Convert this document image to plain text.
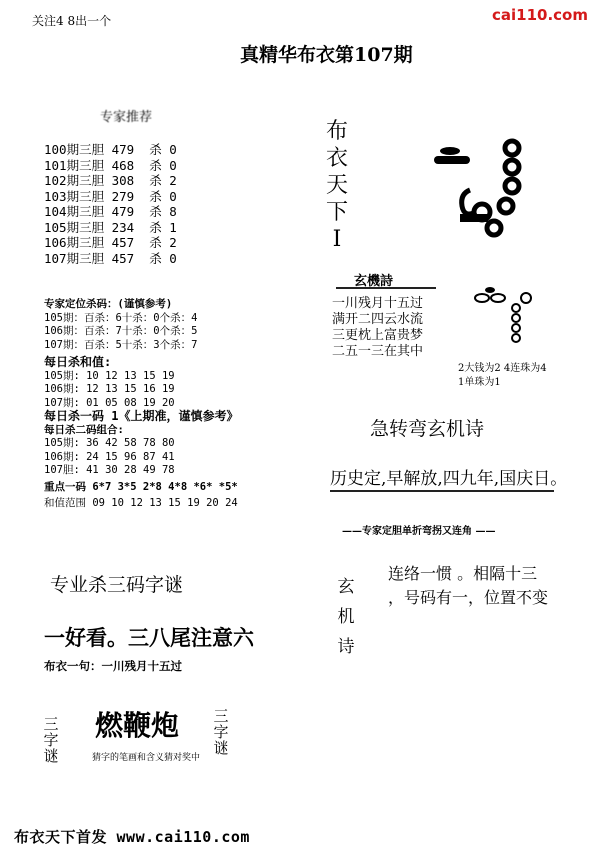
关注4 8出一个	cai110.com
真精华布衣第107期
专家推荐
100期三胆 479  杀 0
101期三胆 468  杀 0
102期三胆 308  杀 2
103期三胆 279  杀 0
104期三胆 479  杀 8
105期三胆 234  杀 1
106期三胆 457  杀 2
107期三胆 457  杀 0
专家定位杀码：(谨慎参考)
105期：百杀：6十杀：0个杀：4
106期：百杀：7十杀：0个杀：5
107期：百杀：5十杀：3个杀：7
每日杀和值:
105期: 10 12 13 15 19
106期: 12 13 15 16 19
107期: 01 05 08 19 20
每日杀一码 1《上期准，谨慎参考》
每日杀二码组合:
105期: 36 42 58 78 80
106期: 24 15 96 87 41
107胆: 41 30 28 49 78
重点一码 6*7 3*5 2*8 4*8 *6* *5*
和值范围 09 10 12 13 15 19 20 24
专业杀三码字谜
一好看。三八尾注意六
布衣一句：一川残月十五过
三字谜
燃鞭炮
猜字的笔画和含义猜对奖中
三字谜
布衣天下I
玄機詩
一川残月十五过
满开二四云水流
三更枕上富贵梦
二五一三在其中
2大钱为2 4连珠为4
1单珠为1
急转弯玄机诗
历史定,早解放,四九年,国庆日。
——专家定胆单折弯拐又连角 ——
玄机诗
连络一惯 。相隔十三
，号码有一，位置不变
布衣天下首发 www.cai110.com
